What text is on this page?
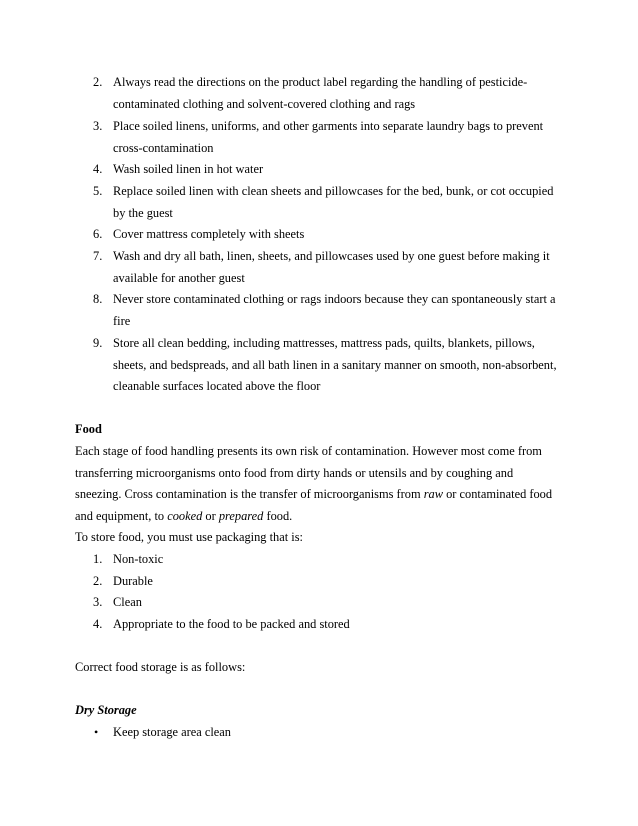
2. Always read the directions on the product label regarding the handling of pesticide-
contaminated clothing and solvent-covered clothing and rags
3. Place soiled linens, uniforms, and other garments into separate laundry bags to prevent
cross-contamination
4. Wash soiled linen in hot water
5. Replace soiled linen with clean sheets and pillowcases for the bed, bunk, or cot occupied
by the guest
6. Cover mattress completely with sheets
7. Wash and dry all bath, linen, sheets, and pillowcases used by one guest before making it
available for another guest
8. Never store contaminated clothing or rags indoors because they can spontaneously start a
fire
9. Store all clean bedding, including mattresses, mattress pads, quilts, blankets, pillows,
sheets, and bedspreads, and all bath linen in a sanitary manner on smooth, non-absorbent,
cleanable surfaces located above the floor
Food
Each stage of food handling presents its own risk of contamination. However most come from
transferring microorganisms onto food from dirty hands or utensils and by coughing and
sneezing. Cross contamination is the transfer of microorganisms from raw or contaminated food
and equipment, to cooked or prepared food.
To store food, you must use packaging that is:
1. Non-toxic
2. Durable
3. Clean
4. Appropriate to the food to be packed and stored
Correct food storage is as follows:
Dry Storage
• Keep storage area clean
